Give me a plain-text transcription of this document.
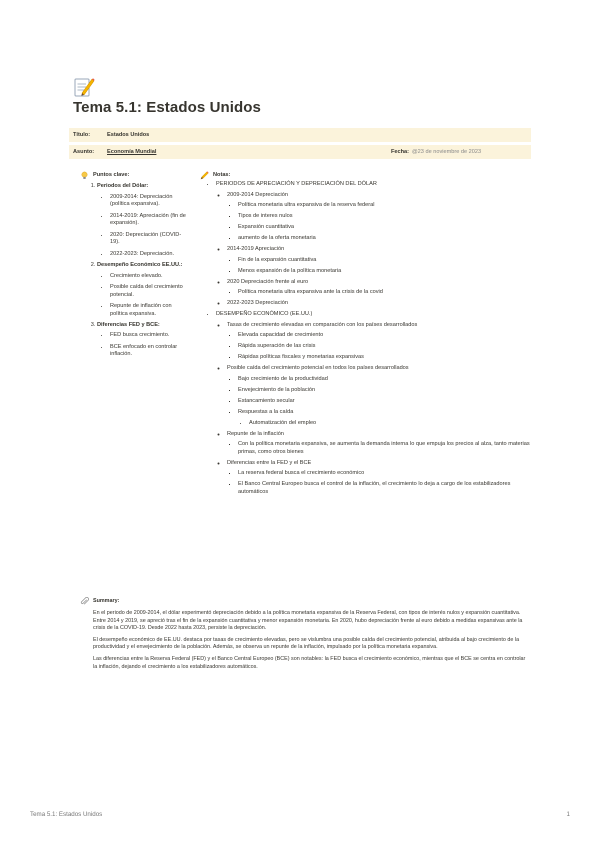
Tema 5.1: Estados Unidos
Título:	Estados Unidos
Asunto: Economía Mundial	Fecha: @23 de noviembre de 2023
Puntos clave:
1. Periodos del Dólar:
• 2009-2014: Depreciación (política expansiva).
• 2014-2019: Apreciación (fin de expansión).
• 2020: Depreciación (COVID-19).
• 2022-2023: Depreciación.
2. Desempeño Económico EE.UU.:
• Crecimiento elevado.
• Posible caída del crecimiento potencial.
• Repunte de inflación con política expansiva.
3. Diferencias FED y BCE:
• FED busca crecimiento.
• BCE enfocado en controlar inflación.
Notas:
• PERIODOS DE APRECIACIÓN Y DEPRECIACIÓN DEL DÓLAR
◦ 2009-2014 Depreciación
▪ Política monetaria ultra expansiva de la reserva federal
▪ Tipos de interes nulos
▪ Expansión cuantitativa
▪ aumento de la oferta monetaria
◦ 2014-2019 Apreciación
▪ Fin de la expansión cuantitativa
▪ Menos expansión de la política monetaria
◦ 2020 Depreciación frente al euro
▪ Política monetaria ultra expansiva ante la crisis de la covid
◦ 2022-2023 Depreciación
• DESEMPEÑO ECONÓMICO (EE.UU.)
◦ Tasas de crecimiento elevadas en comparación con los países desarrollados
▪ Elevada capacidad de crecimiento
▪ Rápida superación de las crisis
▪ Rápidas políticas fiscales y monetarias expansivas
◦ Posible caída del crecimiento potencial en todos los países desarrollados
▪ Bajo crecimiento de la productividad
▪ Envejecimiento de la población
▪ Estancamiento secular
▪ Respuestas a la caída
• Automatización del empleo
◦ Repunte de la inflación
▪ Con la política monetaria expansiva, se aumenta la demanda interna lo que empuja los precios al alza, tanto materias primas, como otros bienes
◦ Diferencias entre la FED y el BCE
▪ La reserva federal busca el crecimiento económico
▪ El Banco Central Europeo busca el control de la inflación, el crecimiento lo deja a cargo de los estabilizadores automáticos
Summary:

En el periodo de 2009-2014, el dólar experimentó depreciación debido a la política monetaria expansiva de la Reserva Federal, con tipos de interés nulos y expansión cuantitativa. Entre 2014 y 2019, se apreció tras el fin de la expansión cuantitativa y menor expansión monetaria. En 2020, hubo depreciación frente al euro debido a medidas expansivas ante la crisis de la COVID-19. Desde 2022 hasta 2023, persiste la depreciación.

El desempeño económico de EE.UU. destaca por tasas de crecimiento elevadas, pero se vislumbra una posible caída del crecimiento potencial, atribuida al bajo crecimiento de la productividad y el envejecimiento de la población. Además, se observa un repunte de la inflación, impulsado por la política monetaria expansiva.

Las diferencias entre la Reserva Federal (FED) y el Banco Central Europeo (BCE) son notables: la FED busca el crecimiento económico, mientras que el BCE se centra en controlar la inflación, dejando el crecimiento a los estabilizadores automáticos.

Tema 5.1: Estados Unidos	1
